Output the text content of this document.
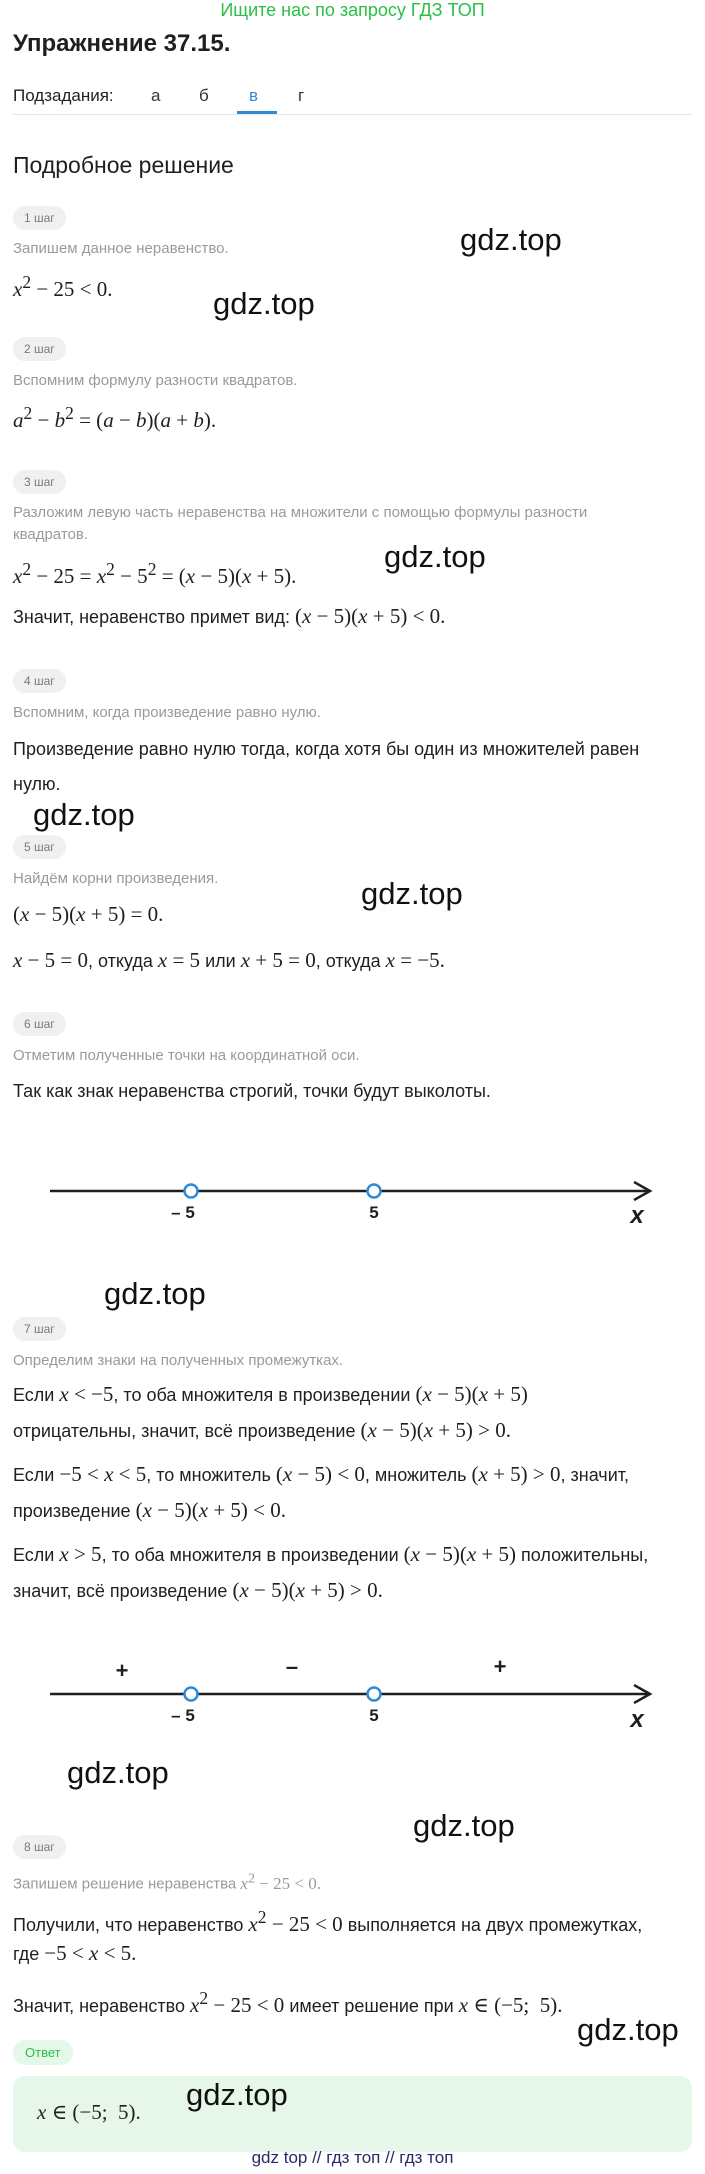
Ищите нас по запросу ГДЗ ТОП
Упражнение 37.15.
Подзадания: а б в г
Подробное решение
1 шаг
Запишем данное неравенство.
$x^2 - 25 < 0$.
2 шаг
Вспомним формулу разности квадратов.
$a^2 - b^2 = (a - b)(a + b)$.
3 шаг
Разложим левую часть неравенства на множители с помощью формулы разности
квадратов.
$x^2 - 25 = x^2 - 5^2 = (x - 5)(x + 5)$.
Значит, неравенство примет вид: (x − 5)(x + 5) < 0.
4 шаг
Вспомним, когда произведение равно нулю.
Произведение равно нулю тогда, когда хотя бы один из множителей равен
нулю.
5 шаг
Найдём корни произведения.
(x − 5)(x + 5) = 0.
x − 5 = 0, откуда x = 5 или x + 5 = 0, откуда x = −5.
6 шаг
Отметим полученные точки на координатной оси.
Так как знак неравенства строгий, точки будут выколоты.
– 5	5	x
7 шаг
Определим знаки на полученных промежутках.
Если x < −5, то оба множителя в произведении (x − 5)(x + 5)
отрицательны, значит, всё произведение (x − 5)(x + 5) > 0.
Если −5 < x < 5, то множитель (x − 5) < 0, множитель (x + 5) > 0, значит,
произведение (x − 5)(x + 5) < 0.
Если x > 5, то оба множителя в произведении (x − 5)(x + 5) положительны,
значит, всё произведение (x − 5)(x + 5) > 0.
+	–	+
– 5	5	x
8 шаг
Запишем решение неравенства $x^2 - 25 < 0$.
Получили, что неравенство $x^2 - 25 < 0$ выполняется на двух промежутках,
где −5 < x < 5.
Значит, неравенство $x^2 - 25 < 0$ имеет решение при x ∈ (−5;  5).
Ответ
x ∈ (−5;  5).
gdz.top
gdz.top
gdz.top
gdz.top
gdz.top
gdz.top
gdz.top
gdz.top
gdz.top
gdz.top
gdz top // гдз топ // гдз топ
